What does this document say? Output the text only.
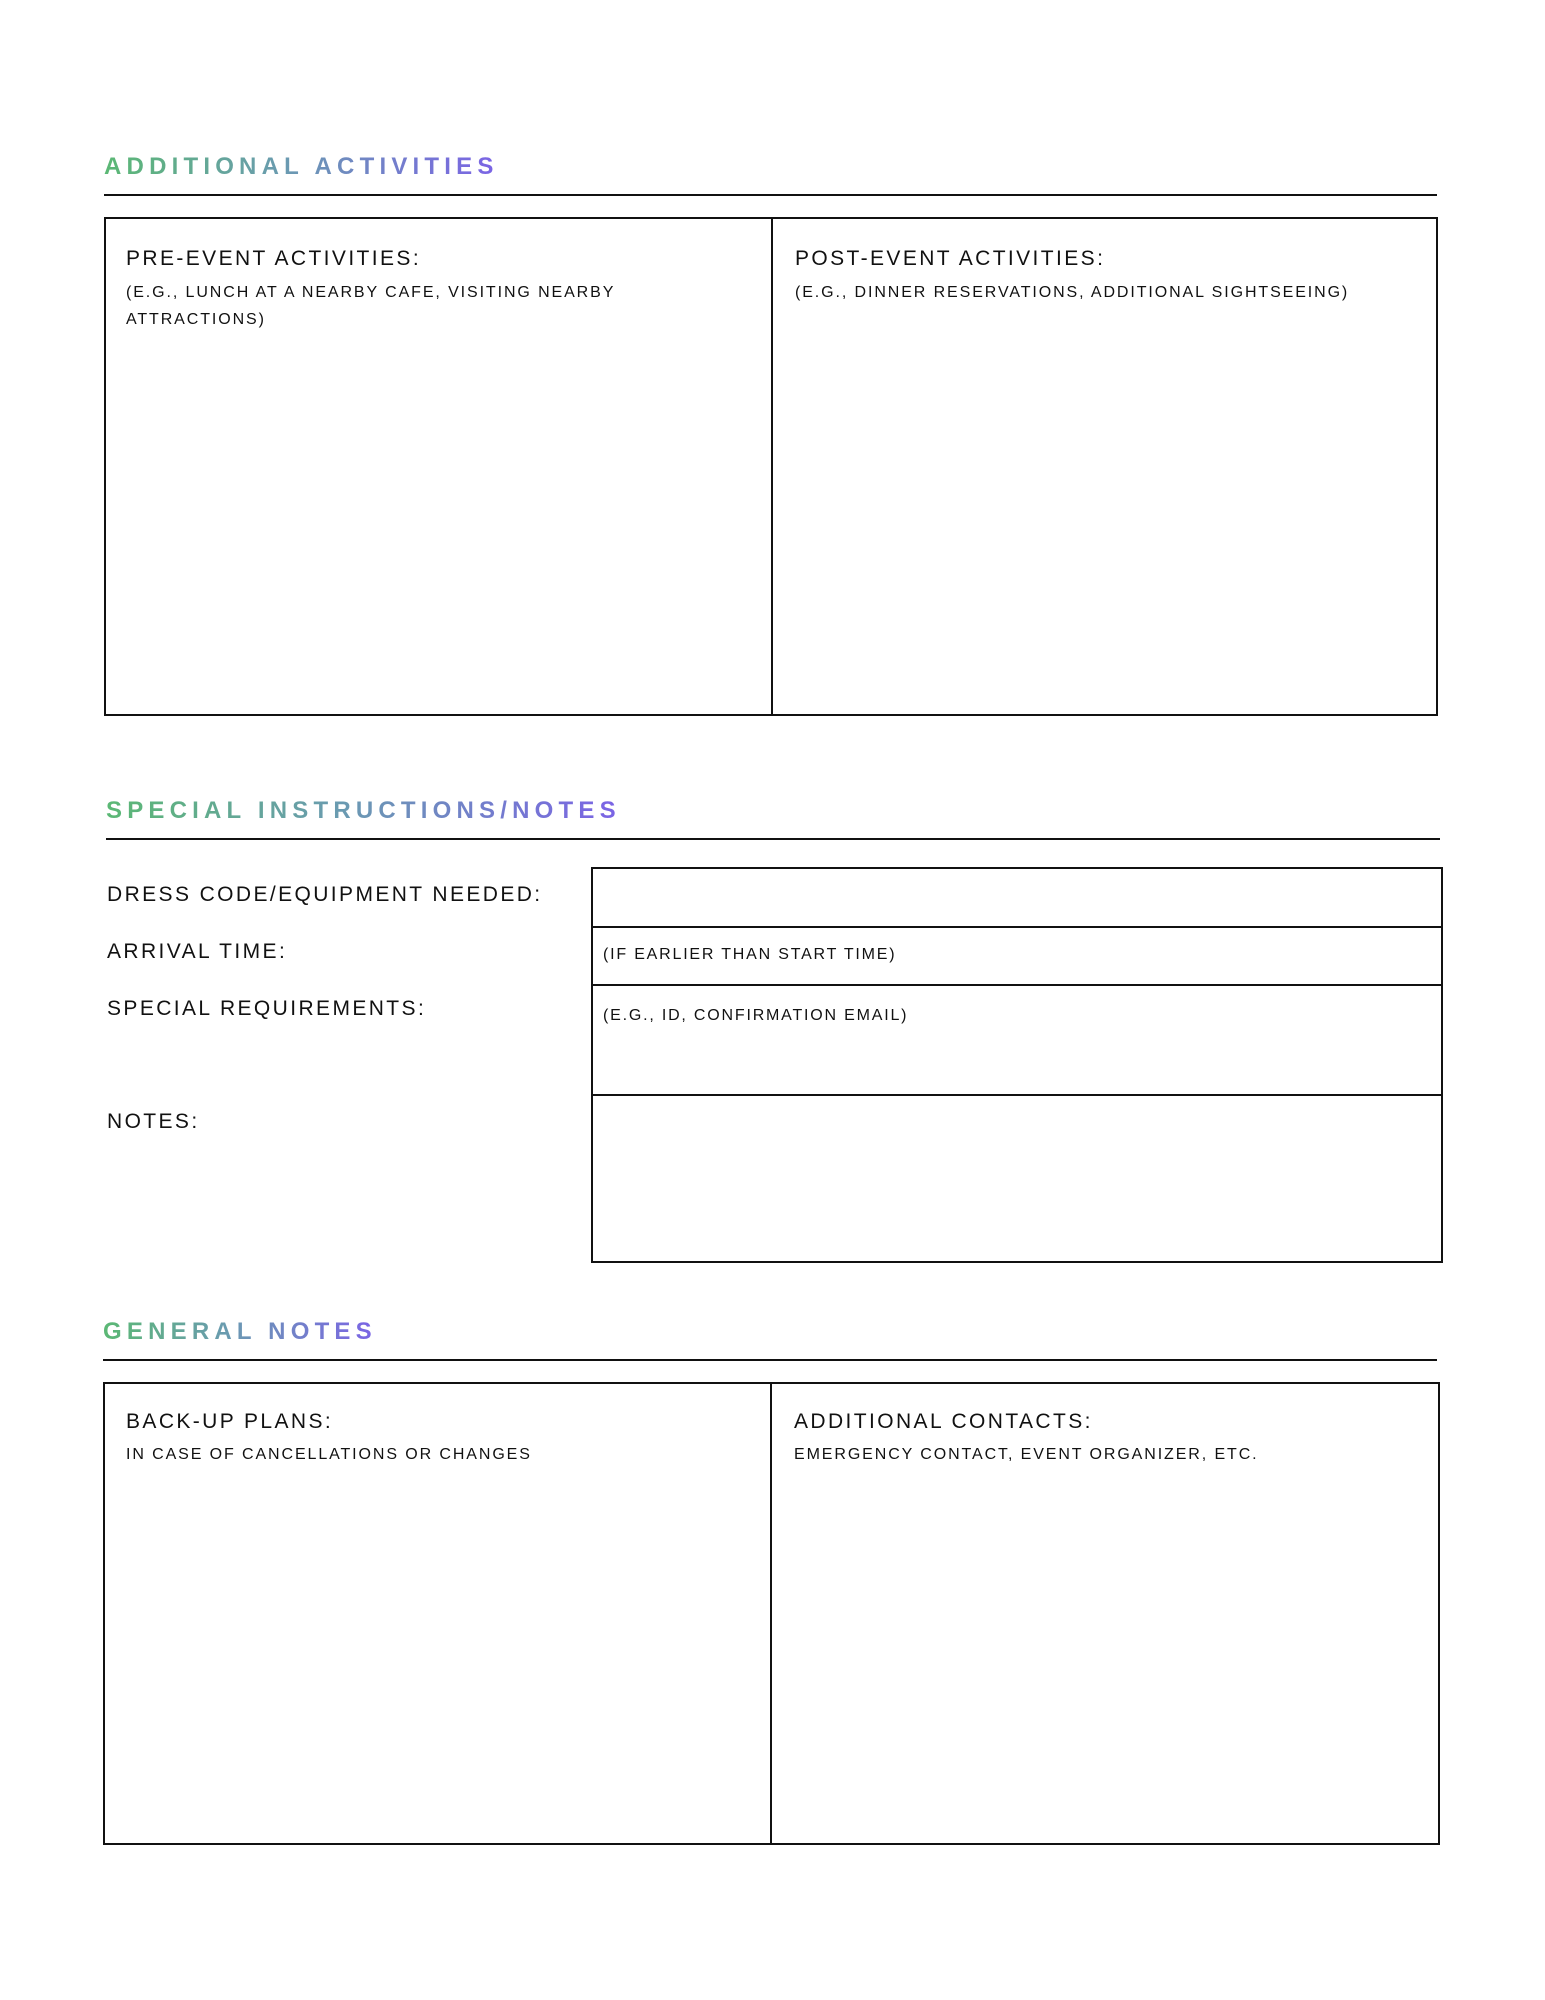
ADDITIONAL ACTIVITIES
PRE-EVENT ACTIVITIES:
(E.G., LUNCH AT A NEARBY CAFE, VISITING NEARBY ATTRACTIONS)
POST-EVENT ACTIVITIES:
(E.G., DINNER RESERVATIONS, ADDITIONAL SIGHTSEEING)
SPECIAL INSTRUCTIONS/NOTES
DRESS CODE/EQUIPMENT NEEDED:
ARRIVAL TIME:
SPECIAL REQUIREMENTS:
NOTES:
(IF EARLIER THAN START TIME)
(E.G., ID, CONFIRMATION EMAIL)
GENERAL NOTES
BACK-UP PLANS:
IN CASE OF CANCELLATIONS OR CHANGES
ADDITIONAL CONTACTS:
EMERGENCY CONTACT, EVENT ORGANIZER, ETC.
